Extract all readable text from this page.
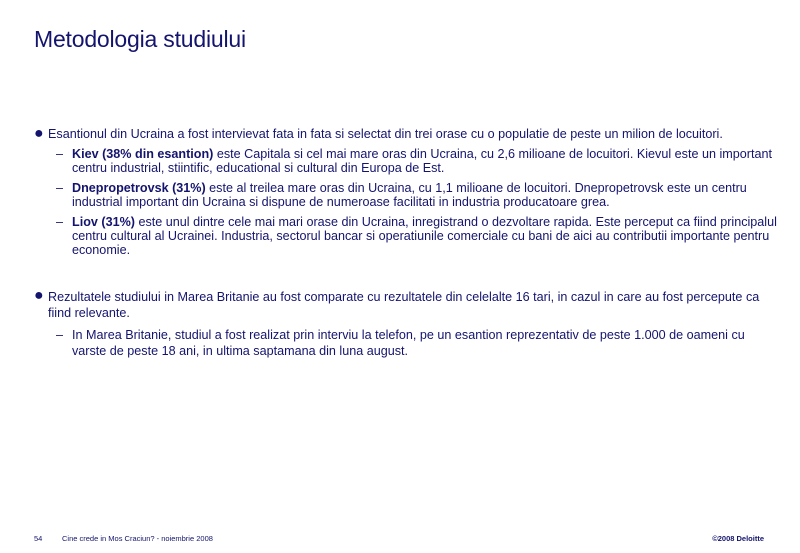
Metodologia studiului
● Esantionul din Ucraina a fost intervievat fata in fata si selectat din trei orase cu o populatie de peste un milion de locuitori.
– Kiev (38% din esantion) este Capitala si cel mai mare oras din Ucraina, cu 2,6 milioane de locuitori. Kievul este un important centru industrial, stiintific, educational si cultural din Europa de Est.
– Dnepropetrovsk (31%) este al treilea mare oras din Ucraina, cu 1,1 milioane de locuitori. Dnepropetrovsk este un centru industrial important din Ucraina si dispune de numeroase facilitati in industria producatoare grea.
– Liov (31%) este unul dintre cele mai mari orase din Ucraina, inregistrand o dezvoltare rapida. Este perceput ca fiind principalul centru cultural al Ucrainei. Industria, sectorul bancar si operatiunile comerciale cu bani de aici au contributii importante pentru economie.
● Rezultatele studiului in Marea Britanie au fost comparate cu rezultatele din celelalte 16 tari, in cazul in care au fost percepute ca fiind relevante.
– In Marea Britanie, studiul a fost realizat prin interviu la telefon, pe un esantion reprezentativ de peste 1.000 de oameni cu varste de peste 18 ani, in ultima saptamana din luna august.
54	Cine crede in Mos Craciun? - noiembrie 2008	©2008 Deloitte
